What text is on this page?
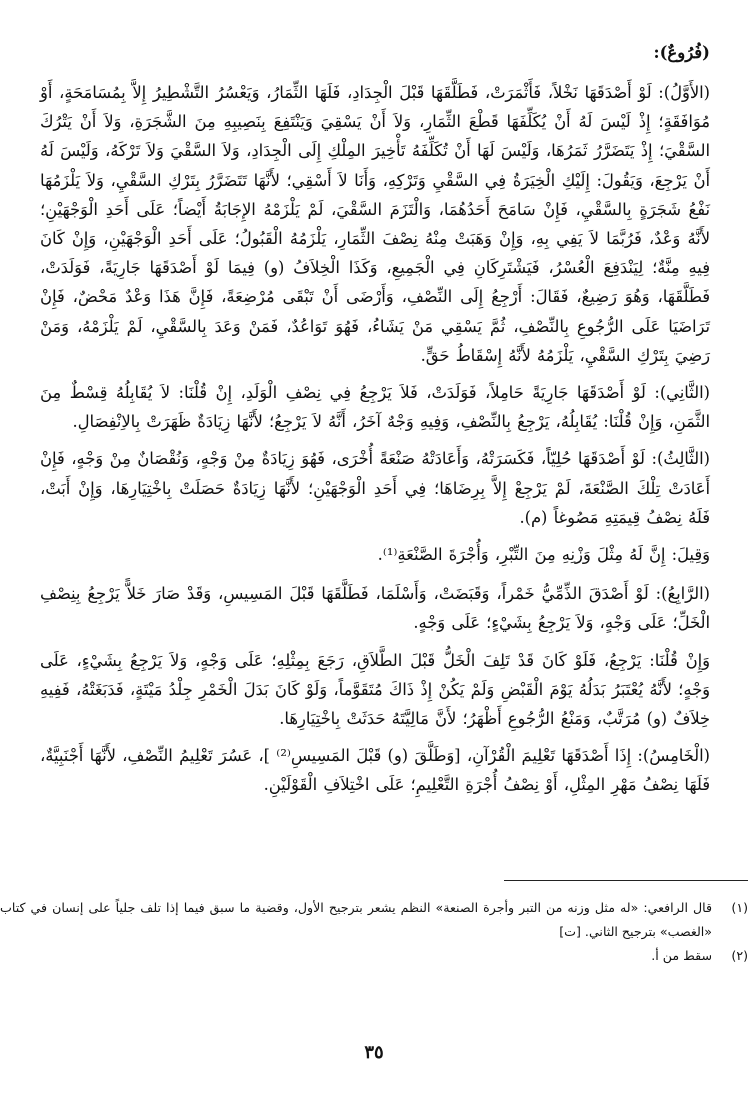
(فُرُوعٌ):

(الأَوَّلُ): لَوْ أَصْدَقَهَا نَخْلاً، فَأَثْمَرَتْ، فَطَلَّقَهَا قَبْلَ الْجِدَادِ، فَلَهَا الثِّمَارُ، وَيَعْسُرُ التَّشْطِيرُ إِلاَّ بِمُسَامَحَةٍ، أَوْ مُوَافَقَةٍ؛ إِذْ لَيْسَ لَهُ أَنْ يُكَلِّفَهَا قَطْعَ الثِّمَارِ، وَلاَ أَنْ يَسْقِيَ وَيَنْتَفِعَ بِنَصِيبِهِ مِنَ الشَّجَرَةِ، وَلاَ أَنْ يَتْرُكَ السَّقْيَ؛ إِذْ يَتَضَرَّرُ ثَمَرُهَا، وَلَيْسَ لَهَا أَنْ تُكَلِّفَهُ تَأْخِيرَ المِلْكِ إِلَى الْجِدَادِ، وَلاَ السَّقْيَ وَلاَ تَرْكَهُ، وَلَيْسَ لَهُ أَنْ يَرْجِعَ، وَيَقُولَ: إِلَيْكِ الْخِيَرَةُ فِي السَّقْيِ وَتَرْكِهِ، وَأَنَا لاَ أَسْقِي؛ لأَنَّهَا تَتَضَرَّرُ بِتَرْكِ السَّقْيِ، وَلاَ يَلْزَمُهَا نَفْعُ شَجَرَةٍ بِالسَّقْيِ، فَإِنْ سَامَحَ أَحَدُهُمَا، وَالْتَزَمَ السَّقْيَ، لَمْ يَلْزَمْهُ الإِجَابَةُ أَيْضاً؛ عَلَى أَحَدِ الْوَجْهَيْنِ؛ لأَنَّهُ وَعْدٌ، فَرُبَّمَا لاَ يَفِي بِهِ، وَإِنْ وَهَبَتْ مِنْهُ نِصْفَ الثِّمَارِ، يَلْزَمُهُ الْقَبُولُ؛ عَلَى أَحَدِ الْوَجْهَيْنِ، وَإِنْ كَانَ فِيهِ مِنَّةٌ؛ لِيَنْدَفِعَ الْعُسْرُ، فَيَشْتَرِكَانِ فِي الْجَمِيعِ، وَكَذَا الْخِلاَفُ (و) فِيمَا لَوْ أَصْدَقَهَا جَارِيَةً، فَوَلَدَتْ، فَطَلَّقَهَا، وَهُوَ رَضِيعٌ، فَقَالَ: أَرْجِعُ إِلَى النِّصْفِ، وَأَرْضَى أَنْ تَبْقَى مُرْضِعَةً، فَإِنَّ هَذَا وَعْدٌ مَحْضٌ، فَإِنْ تَرَاضَيَا عَلَى الرُّجُوعِ بِالنِّصْفِ، ثُمَّ يَسْقِي مَنْ يَشَاءُ، فَهُوَ تَوَاعُدٌ، فَمَنْ وَعَدَ بِالسَّقْيِ، لَمْ يَلْزَمْهُ، وَمَنْ رَضِيَ بِتَرْكِ السَّقْيِ، يَلْزَمُهُ لأَنَّهُ إِسْقَاطُ حَقٍّ.

(الثَّانِي): لَوْ أَصْدَقَهَا جَارِيَةً حَامِلاً، فَوَلَدَتْ، فَلاَ يَرْجِعُ فِي نِصْفِ الْوَلَدِ، إِنْ قُلْنَا: لاَ يُقَابِلُهُ قِسْطٌ مِنَ الثَّمَنِ، وَإِنْ قُلْنَا: يُقَابِلُهُ، يَرْجِعُ بِالنِّصْفِ، وَفِيهِ وَجْهٌ آخَرُ، أَنَّهُ لاَ يَرْجِعُ؛ لأَنَّهَا زِيَادَةٌ ظَهَرَتْ بِالاِنْفِصَالِ.

(الثَّالِثُ): لَوْ أَصْدَقَهَا حُلِيّاً، فَكَسَرَتْهُ، وَأَعَادَتْهُ صَنْعَةً أُخْرَى، فَهُوَ زِيَادَةٌ مِنْ وَجْهٍ، وَنُقْصَانٌ مِنْ وَجْهٍ، فَإِنْ أَعَادَتْ تِلْكَ الصَّنْعَةَ، لَمْ يَرْجِعْ إِلاَّ بِرِضَاهَا؛ فِي أَحَدِ الْوَجْهَيْنِ؛ لأَنَّهَا زِيَادَةٌ حَصَلَتْ بِاخْتِيَارِهَا، وَإِنْ أَبَتْ، فَلَهُ نِصْفُ قِيمَتِهِ مَصُوغاً (م).

وَقِيلَ: إِنَّ لَهُ مِثْلَ وَزْنِهِ مِنَ التِّبْرِ، وَأُجْرَةَ الصَّنْعَةِ⁽¹⁾.

(الرَّابِعُ): لَوْ أَصْدَقَ الذِّمِّيُّ خَمْراً، وَقَبَضَتْ، وَأَسْلَمَا، فَطَلَّقَهَا قَبْلَ المَسِيسِ، وَقَدْ صَارَ خَلاًّ يَرْجِعُ بِنِصْفِ الْخَلِّ؛ عَلَى وَجْهٍ، وَلاَ يَرْجِعُ بِشَيْءٍ؛ عَلَى وَجْهٍ.

وَإِنْ قُلْنَا: يَرْجِعُ، فَلَوْ كَانَ قَدْ تَلِفَ الْخَلُّ قَبْلَ الطَّلاَقِ، رَجَعَ بِمِثْلِهِ؛ عَلَى وَجْهٍ، وَلاَ يَرْجِعُ بِشَيْءٍ، عَلَى وَجْهٍ؛ لأَنَّهُ يُعْتَبَرُ بَدَلُهُ يَوْمَ الْقَبْضِ وَلَمْ يَكُنْ إِذْ ذَاكَ مُتَقَوَّماً، وَلَوْ كَانَ بَدَلَ الْخَمْرِ جِلْدُ مَيْتَةٍ، فَدَبَغَتْهُ، فَفِيهِ خِلاَفٌ (و) مُرَتَّبٌ، وَمَنْعُ الرُّجُوعِ أَظْهَرُ؛ لأَنَّ مَالِيَّتَهُ حَدَثَتْ بِاخْتِيَارِهَا.

(الْخَامِسُ): إِذَا أَصْدَقَهَا تَعْلِيمَ الْقُرْآنِ، [وَطَلَّقَ (و) قَبْلَ المَسِيسِ⁽²⁾ ]، عَسُرَ تَعْلِيمُ النِّصْفِ، لأَنَّهَا أَجْنَبِيَّةٌ، فَلَهَا نِصْفُ مَهْرِ المِثْلِ، أَوْ نِصْفُ أُجْرَةِ التَّعْلِيمِ؛ عَلَى اخْتِلاَفِ الْقَوْلَيْنِ.

(١)
قال الرافعي: «له مثل وزنه من التبر وأجرة الصنعة» النظم يشعر بترجيح الأول، وقضية ما سبق فيما إذا تلف جلياً على إنسان في كتاب «الغصب» بترجيح الثاني. [ت]
(٢)
سقط من أ.
٣٥
